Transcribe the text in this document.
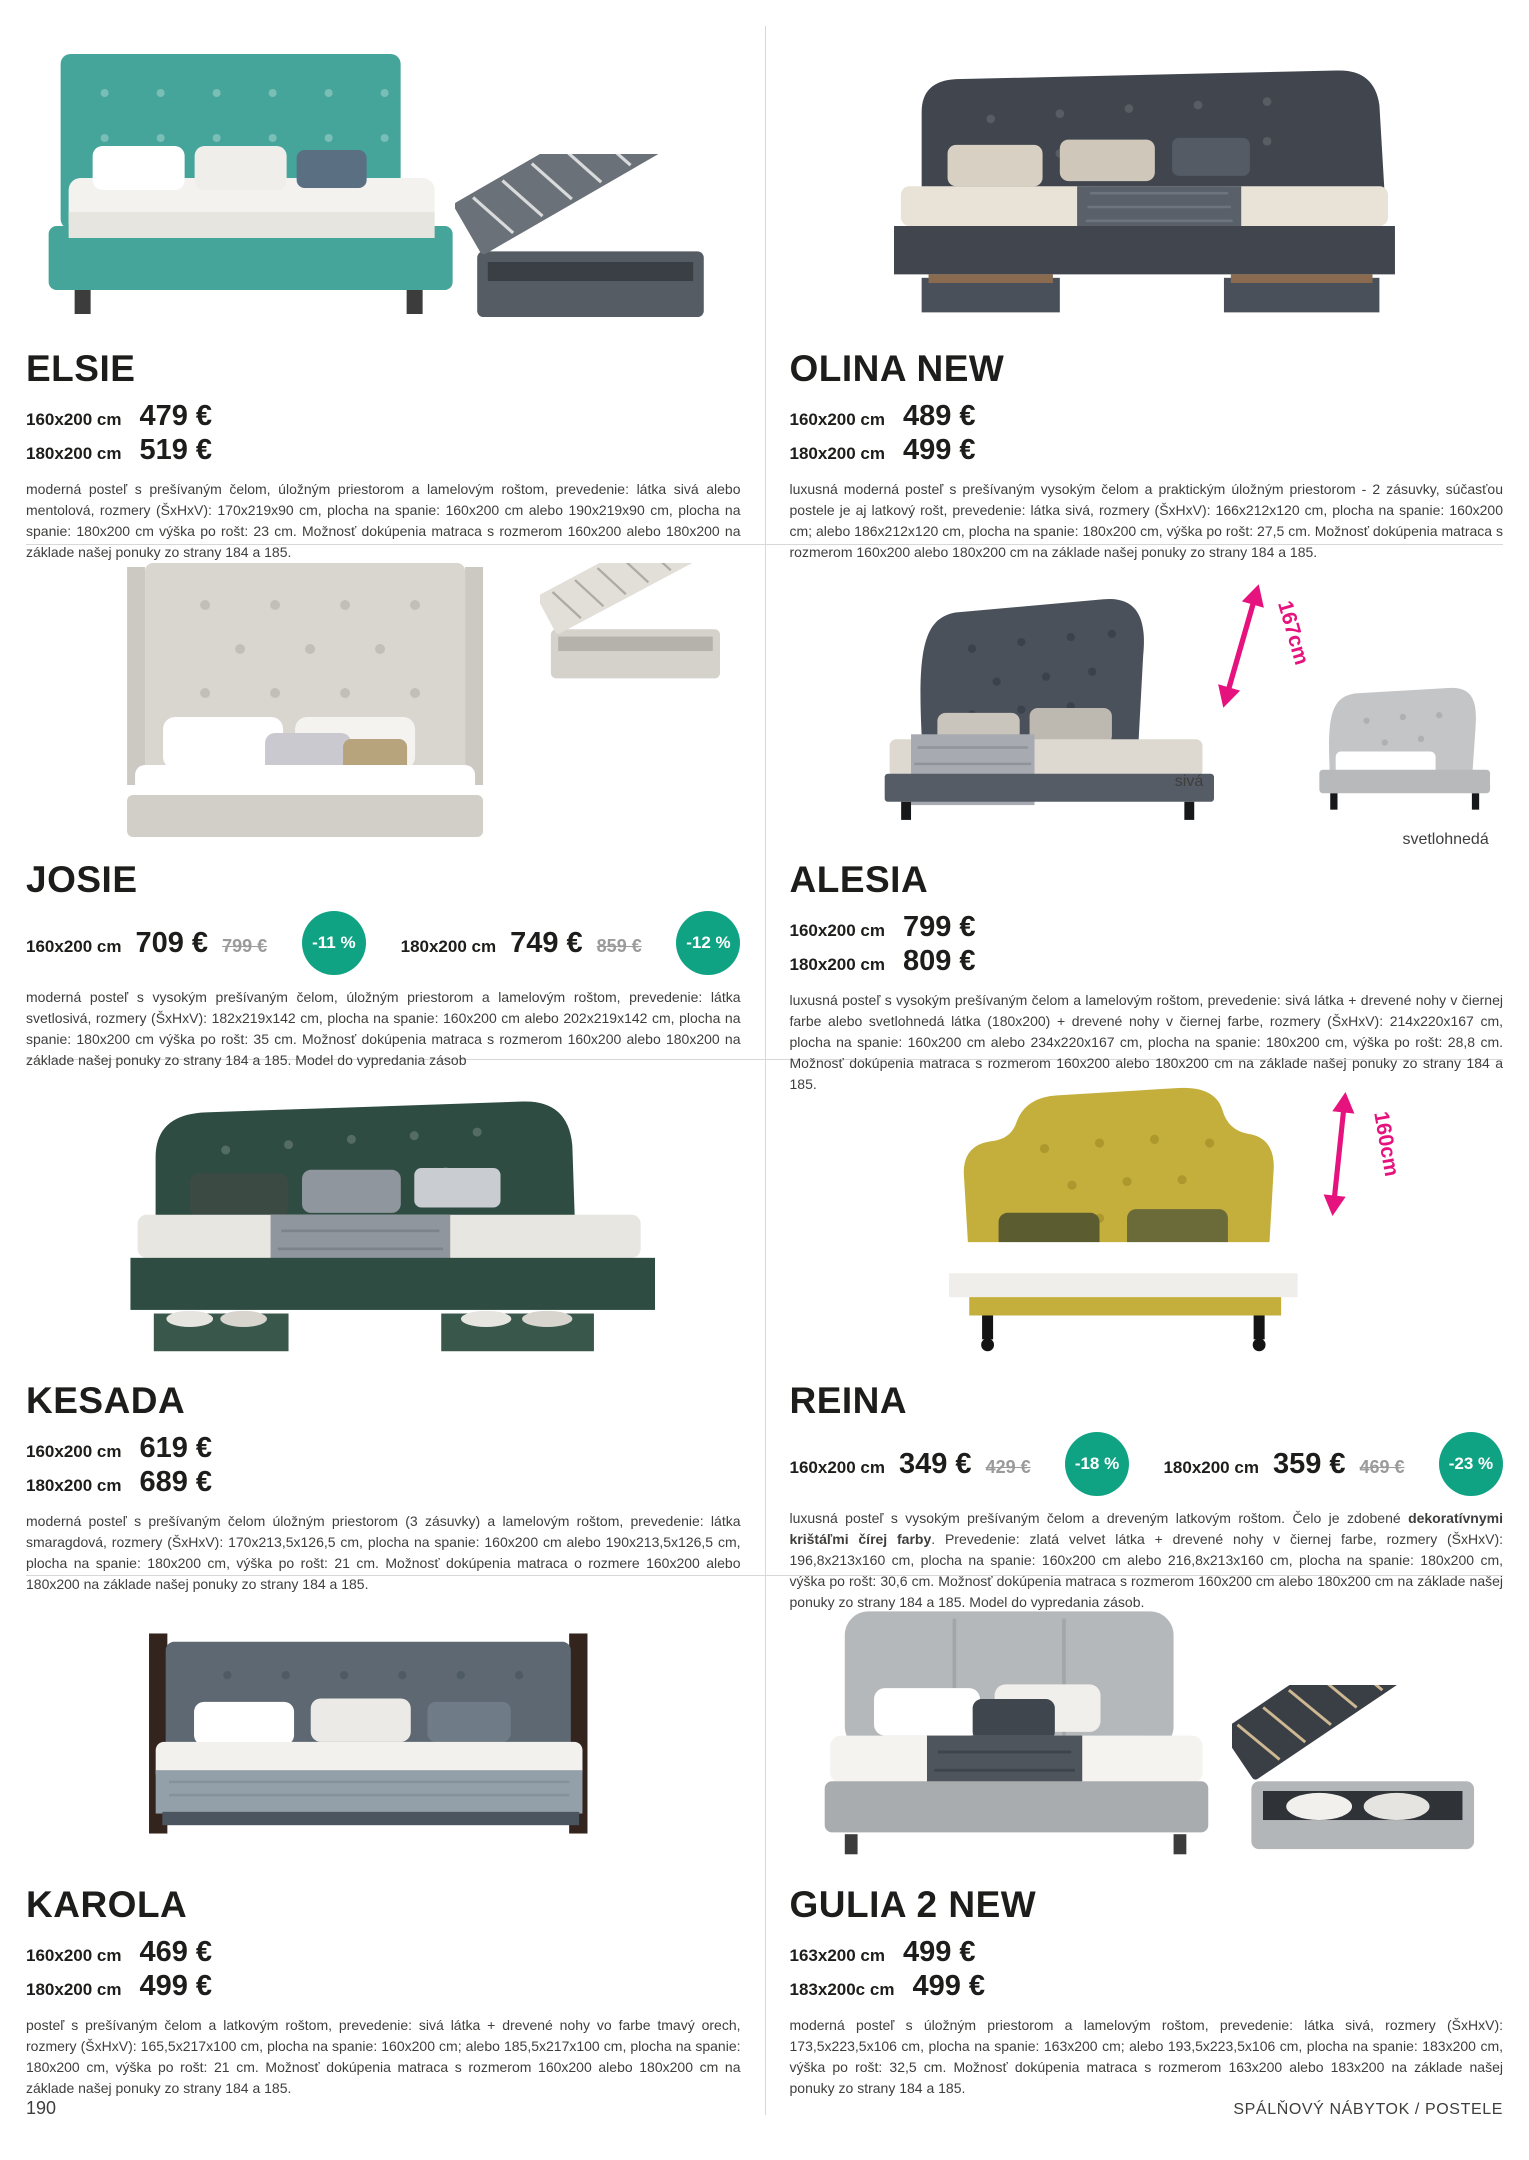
ELSIE
160x200 cm 479 €
180x200 cm 519 €

moderná posteľ s prešívaným čelom, úložným priestorom a lamelovým roštom, prevedenie: látka sivá alebo mentolová, rozmery (ŠxHxV): 170x219x90 cm, plocha na spanie: 160x200 cm alebo 190x219x90 cm, plocha na spanie: 180x200 cm výška po rošt: 23 cm. Možnosť dokúpenia matraca s rozmerom 160x200 alebo 180x200 na základe našej ponuky zo strany 184 a 185.

OLINA NEW
160x200 cm 489 €
180x200 cm 499 €

luxusná moderná posteľ s prešívaným vysokým čelom a praktickým úložným priestorom - 2 zásuvky, súčasťou postele je aj latkový rošt, prevedenie: látka sivá, rozmery (ŠxHxV): 166x212x120 cm, plocha na spanie: 160x200 cm; alebo 186x212x120 cm, plocha na spanie: 180x200 cm, výška po rošt: 27,5 cm. Možnosť dokúpenia matraca s rozmerom 160x200 alebo 180x200 cm na základe našej ponuky zo strany 184 a 185.

JOSIE
160x200 cm 709 € 799 €	-11 %	180x200 cm 749 € 859 €	-12 %

moderná posteľ s vysokým prešívaným čelom, úložným priestorom a lamelovým roštom, prevedenie: látka svetlosivá, rozmery (ŠxHxV): 182x219x142 cm, plocha na spanie: 160x200 cm alebo 202x219x142 cm, plocha na spanie: 180x200 cm výška po rošt: 35 cm. Možnosť dokúpenia matraca s rozmerom 160x200 alebo 180x200 na základe našej ponuky zo strany 184 a 185. Model do vypredania zásob

167cm
sivá
svetlohnedá
ALESIA
160x200 cm 799 €
180x200 cm 809 €

luxusná posteľ s vysokým prešívaným čelom a lamelovým roštom, prevedenie: sivá látka + drevené nohy v čiernej farbe alebo svetlohnedá látka (180x200) + drevené nohy v čiernej farbe, rozmery (ŠxHxV): 214x220x167 cm, plocha na spanie: 160x200 cm alebo 234x220x167 cm, plocha na spanie: 180x200 cm, výška po rošt: 28,8 cm. Možnosť dokúpenia matraca s rozmerom 160x200 alebo 180x200 cm na základe našej ponuky zo strany 184 a 185.

KESADA
160x200 cm 619 €
180x200 cm 689 €

moderná posteľ s prešívaným čelom úložným priestorom (3 zásuvky) a lamelovým roštom, prevedenie: látka smaragdová, rozmery (ŠxHxV): 170x213,5x126,5 cm, plocha na spanie: 160x200 cm alebo 190x213,5x126,5 cm, plocha na spanie: 180x200 cm, výška po rošt: 21 cm. Možnosť dokúpenia matraca o rozmere 160x200 alebo 180x200 na základe našej ponuky zo strany 184 a 185.

160cm
REINA
160x200 cm 349 € 429 €	-18 %	180x200 cm 359 € 469 €	-23 %

luxusná posteľ s vysokým prešívaným čelom a dreveným latkovým roštom. Čelo je zdobené dekoratívnymi krištáľmi čírej farby. Prevedenie: zlatá velvet látka + drevené nohy v čiernej farbe, rozmery (ŠxHxV): 196,8x213x160 cm, plocha na spanie: 160x200 cm alebo 216,8x213x160 cm, plocha na spanie: 180x200 cm, výška po rošt: 30,6 cm. Možnosť dokúpenia matraca s rozmerom 160x200 cm alebo 180x200 cm na základe našej ponuky zo strany 184 a 185. Model do vypredania zásob.

KAROLA
160x200 cm 469 €
180x200 cm 499 €

posteľ s prešívaným čelom a latkovým roštom, prevedenie: sivá látka + drevené nohy vo farbe tmavý orech, rozmery (ŠxHxV): 165,5x217x100 cm, plocha na spanie: 160x200 cm; alebo 185,5x217x100 cm, plocha na spanie: 180x200 cm, výška po rošt: 21 cm. Možnosť dokúpenia matraca s rozmerom 160x200 alebo 180x200 cm na základe našej ponuky zo strany 184 a 185.

GULIA 2 NEW
163x200 cm 499 €
183x200c cm 499 €

moderná posteľ s úložným priestorom a lamelovým roštom, prevedenie: látka sivá, rozmery (ŠxHxV): 173,5x223,5x106 cm, plocha na spanie: 163x200 cm; alebo 193,5x223,5x106 cm, plocha na spanie: 183x200 cm, výška po rošt: 32,5 cm. Možnosť dokúpenia matraca s rozmerom 163x200 alebo 183x200 na základe našej ponuky zo strany 184 a 185.

190	SPÁLŇOVÝ NÁBYTOK / POSTELE
